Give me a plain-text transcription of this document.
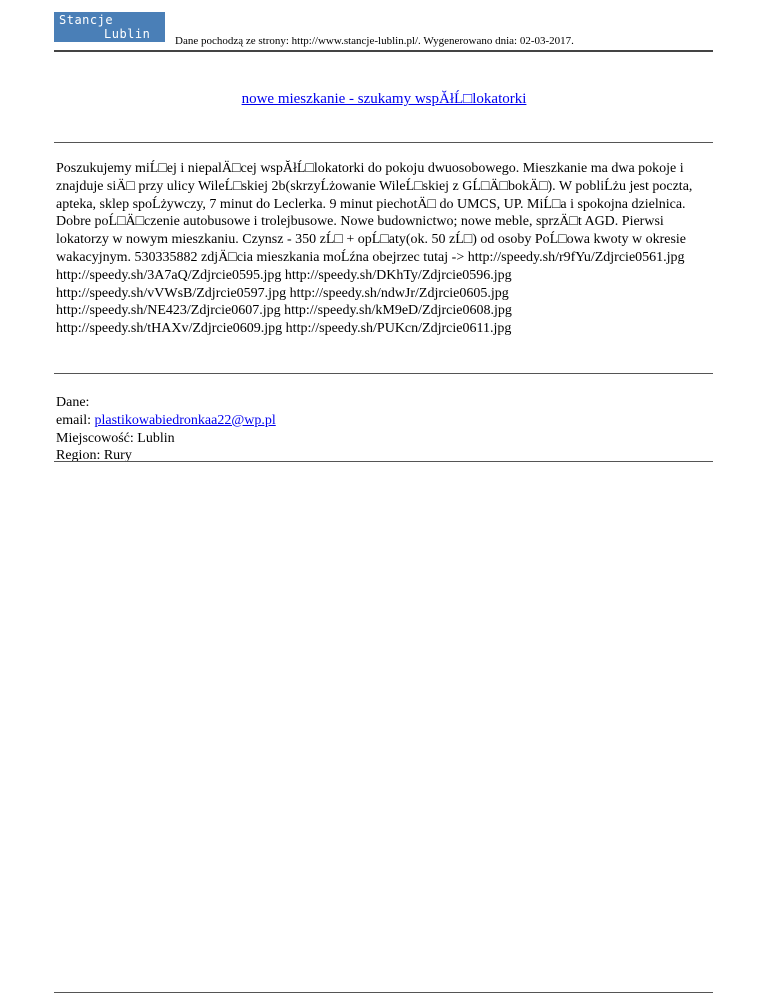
Stancje
Lublin Dane pochodzą ze strony: http://www.stancje-lublin.pl/. Wygenerowano dnia: 02-03-2017.
nowe mieszkanie - szukamy wspĂłĹ□lokatorki

Poszukujemy miĹ□ej i niepalÄ□cej wspĂłĹ□lokatorki do pokoju dwuosobowego. Mieszkanie ma dwa pokoje i znajduje siÄ□ przy ulicy WileĹ□skiej 2b(skrzyĹżowanie WileĹ□skiej z GĹ□Ä□bokÄ□). W pobliĹżu jest poczta, apteka, sklep spoĹżywczy, 7 minut do Leclerka. 9 minut piechotÄ□ do UMCS, UP. MiĹ□a i spokojna dzielnica. Dobre poĹ□Ä□czenie autobusowe i trolejbusowe. Nowe budownictwo; nowe meble, sprzÄ□t AGD. Pierwsi lokatorzy w nowym mieszkaniu. Czynsz - 350 zĹ□ + opĹ□aty(ok. 50 zĹ□) od osoby PoĹ□owa kwoty w okresie wakacyjnym. 530335882 zdjÄ□cia mieszkania moĹźna obejrzec tutaj -> http://speedy.sh/r9fYu/Zdjrcie0561.jpg http://speedy.sh/3A7aQ/Zdjrcie0595.jpg http://speedy.sh/DKhTy/Zdjrcie0596.jpg http://speedy.sh/vVWsB/Zdjrcie0597.jpg http://speedy.sh/ndwJr/Zdjrcie0605.jpg http://speedy.sh/NE423/Zdjrcie0607.jpg http://speedy.sh/kM9eD/Zdjrcie0608.jpg http://speedy.sh/tHAXv/Zdjrcie0609.jpg http://speedy.sh/PUKcn/Zdjrcie0611.jpg

Dane:
email: plastikowabiedronkaa22@wp.pl
Miejscowość: Lublin
Region: Rury
